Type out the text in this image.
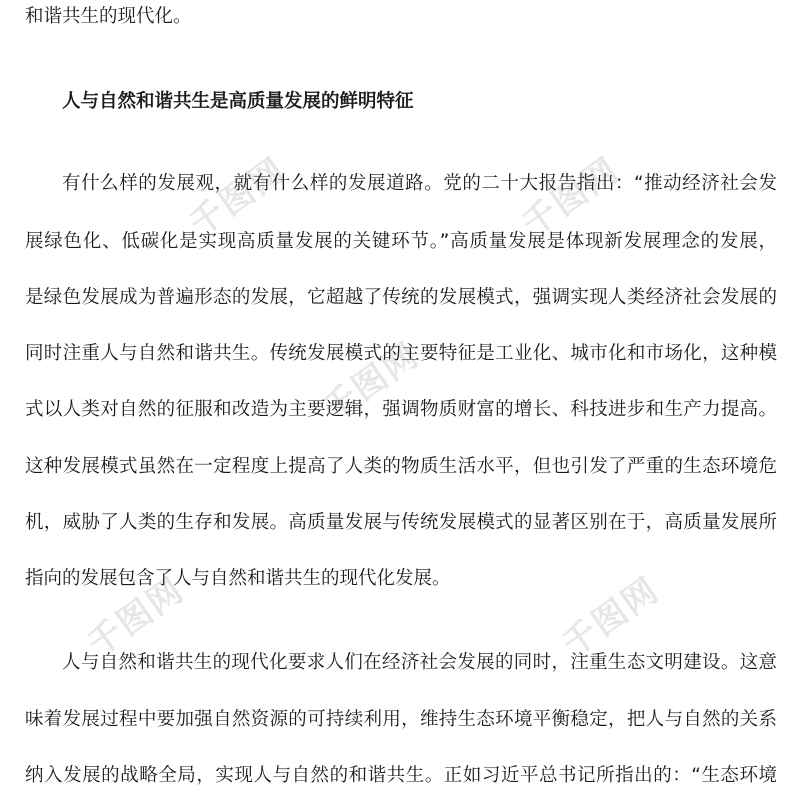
千图网	千图网
千图网
千图网	千图网
和谐共生的现代化。
人与自然和谐共生是高质量发展的鲜明特征
有什么样的发展观，就有什么样的发展道路。党的二十大报告指出：“推动经济社会发
展绿色化、低碳化是实现高质量发展的关键环节。”高质量发展是体现新发展理念的发展，
是绿色发展成为普遍形态的发展，它超越了传统的发展模式，强调实现人类经济社会发展的
同时注重人与自然和谐共生。传统发展模式的主要特征是工业化、城市化和市场化，这种模
式以人类对自然的征服和改造为主要逻辑，强调物质财富的增长、科技进步和生产力提高。
这种发展模式虽然在一定程度上提高了人类的物质生活水平，但也引发了严重的生态环境危
机，威胁了人类的生存和发展。高质量发展与传统发展模式的显著区别在于，高质量发展所
指向的发展包含了人与自然和谐共生的现代化发展。
人与自然和谐共生的现代化要求人们在经济社会发展的同时，注重生态文明建设。这意
味着发展过程中要加强自然资源的可持续利用，维持生态环境平衡稳定，把人与自然的关系
纳入发展的战略全局，实现人与自然的和谐共生。正如习近平总书记所指出的：“生态环境
